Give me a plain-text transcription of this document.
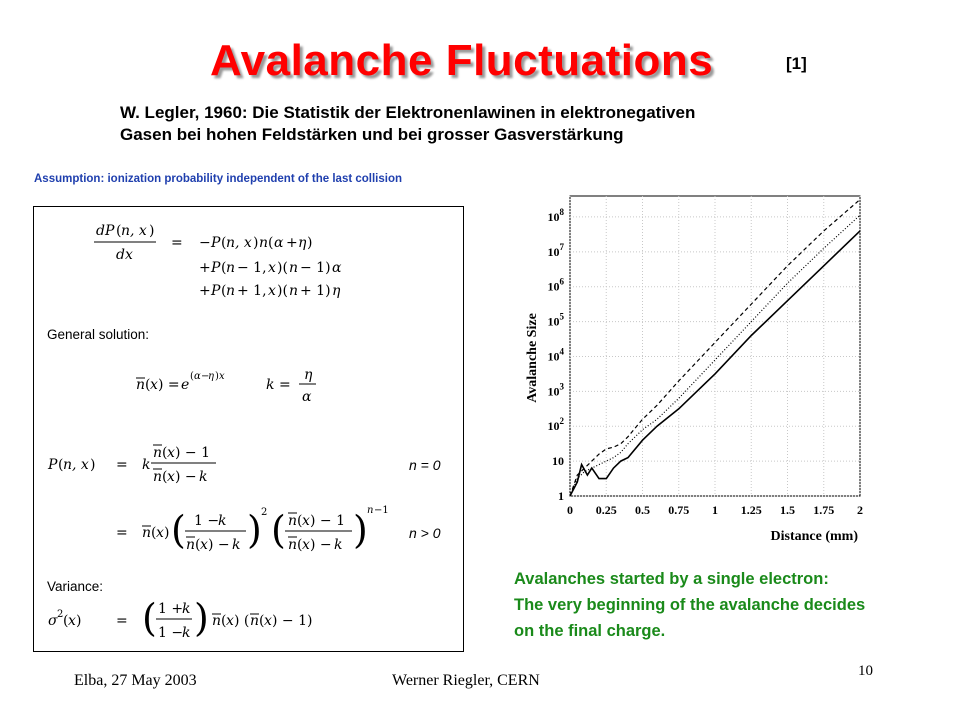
Avalanche Fluctuations	[1]
W. Legler, 1960: Die Statistik der Elektronenlawinen in elektronegativen
Gasen bei hohen Feldstärken und bei grosser Gasverstärkung
Assumption: ionization probability independent of the last collision
dP ( n, x )
dx
= − P ( n, x ) n ( α + η )
+ P ( n − 1, x )( n − 1) α
+ P ( n + 1, x )( n + 1) η
n ( x ) = e
( α −
η ) x
k =
η
α
P ( n, x ) = k
n ( x ) − 1
n ( x ) − k
= n ( x ) ( 1 −
k
n ( x ) − k ) 2 ( n ( x ) − 1
n ( x ) − k ) n −1
σ 2 ( x ) = ( 1 +
k
1 −
k ) n ( x ) ( n ( x ) − 1)
General solution:
Variance:
n = 0
n > 0
0 0.25 0.5 0.75 1 1.25 1.5 1.75 2
1
10
$10^2$
$10^3$
$10^4$
$10^5$
$10^6$
$10^7$
$10^8$
Avalanche Size
Distance (mm)
Avalanches started by a single electron:
The very beginning of the avalanche decides
on the final charge.
Elba, 27 May 2003	Werner Riegler, CERN
10
